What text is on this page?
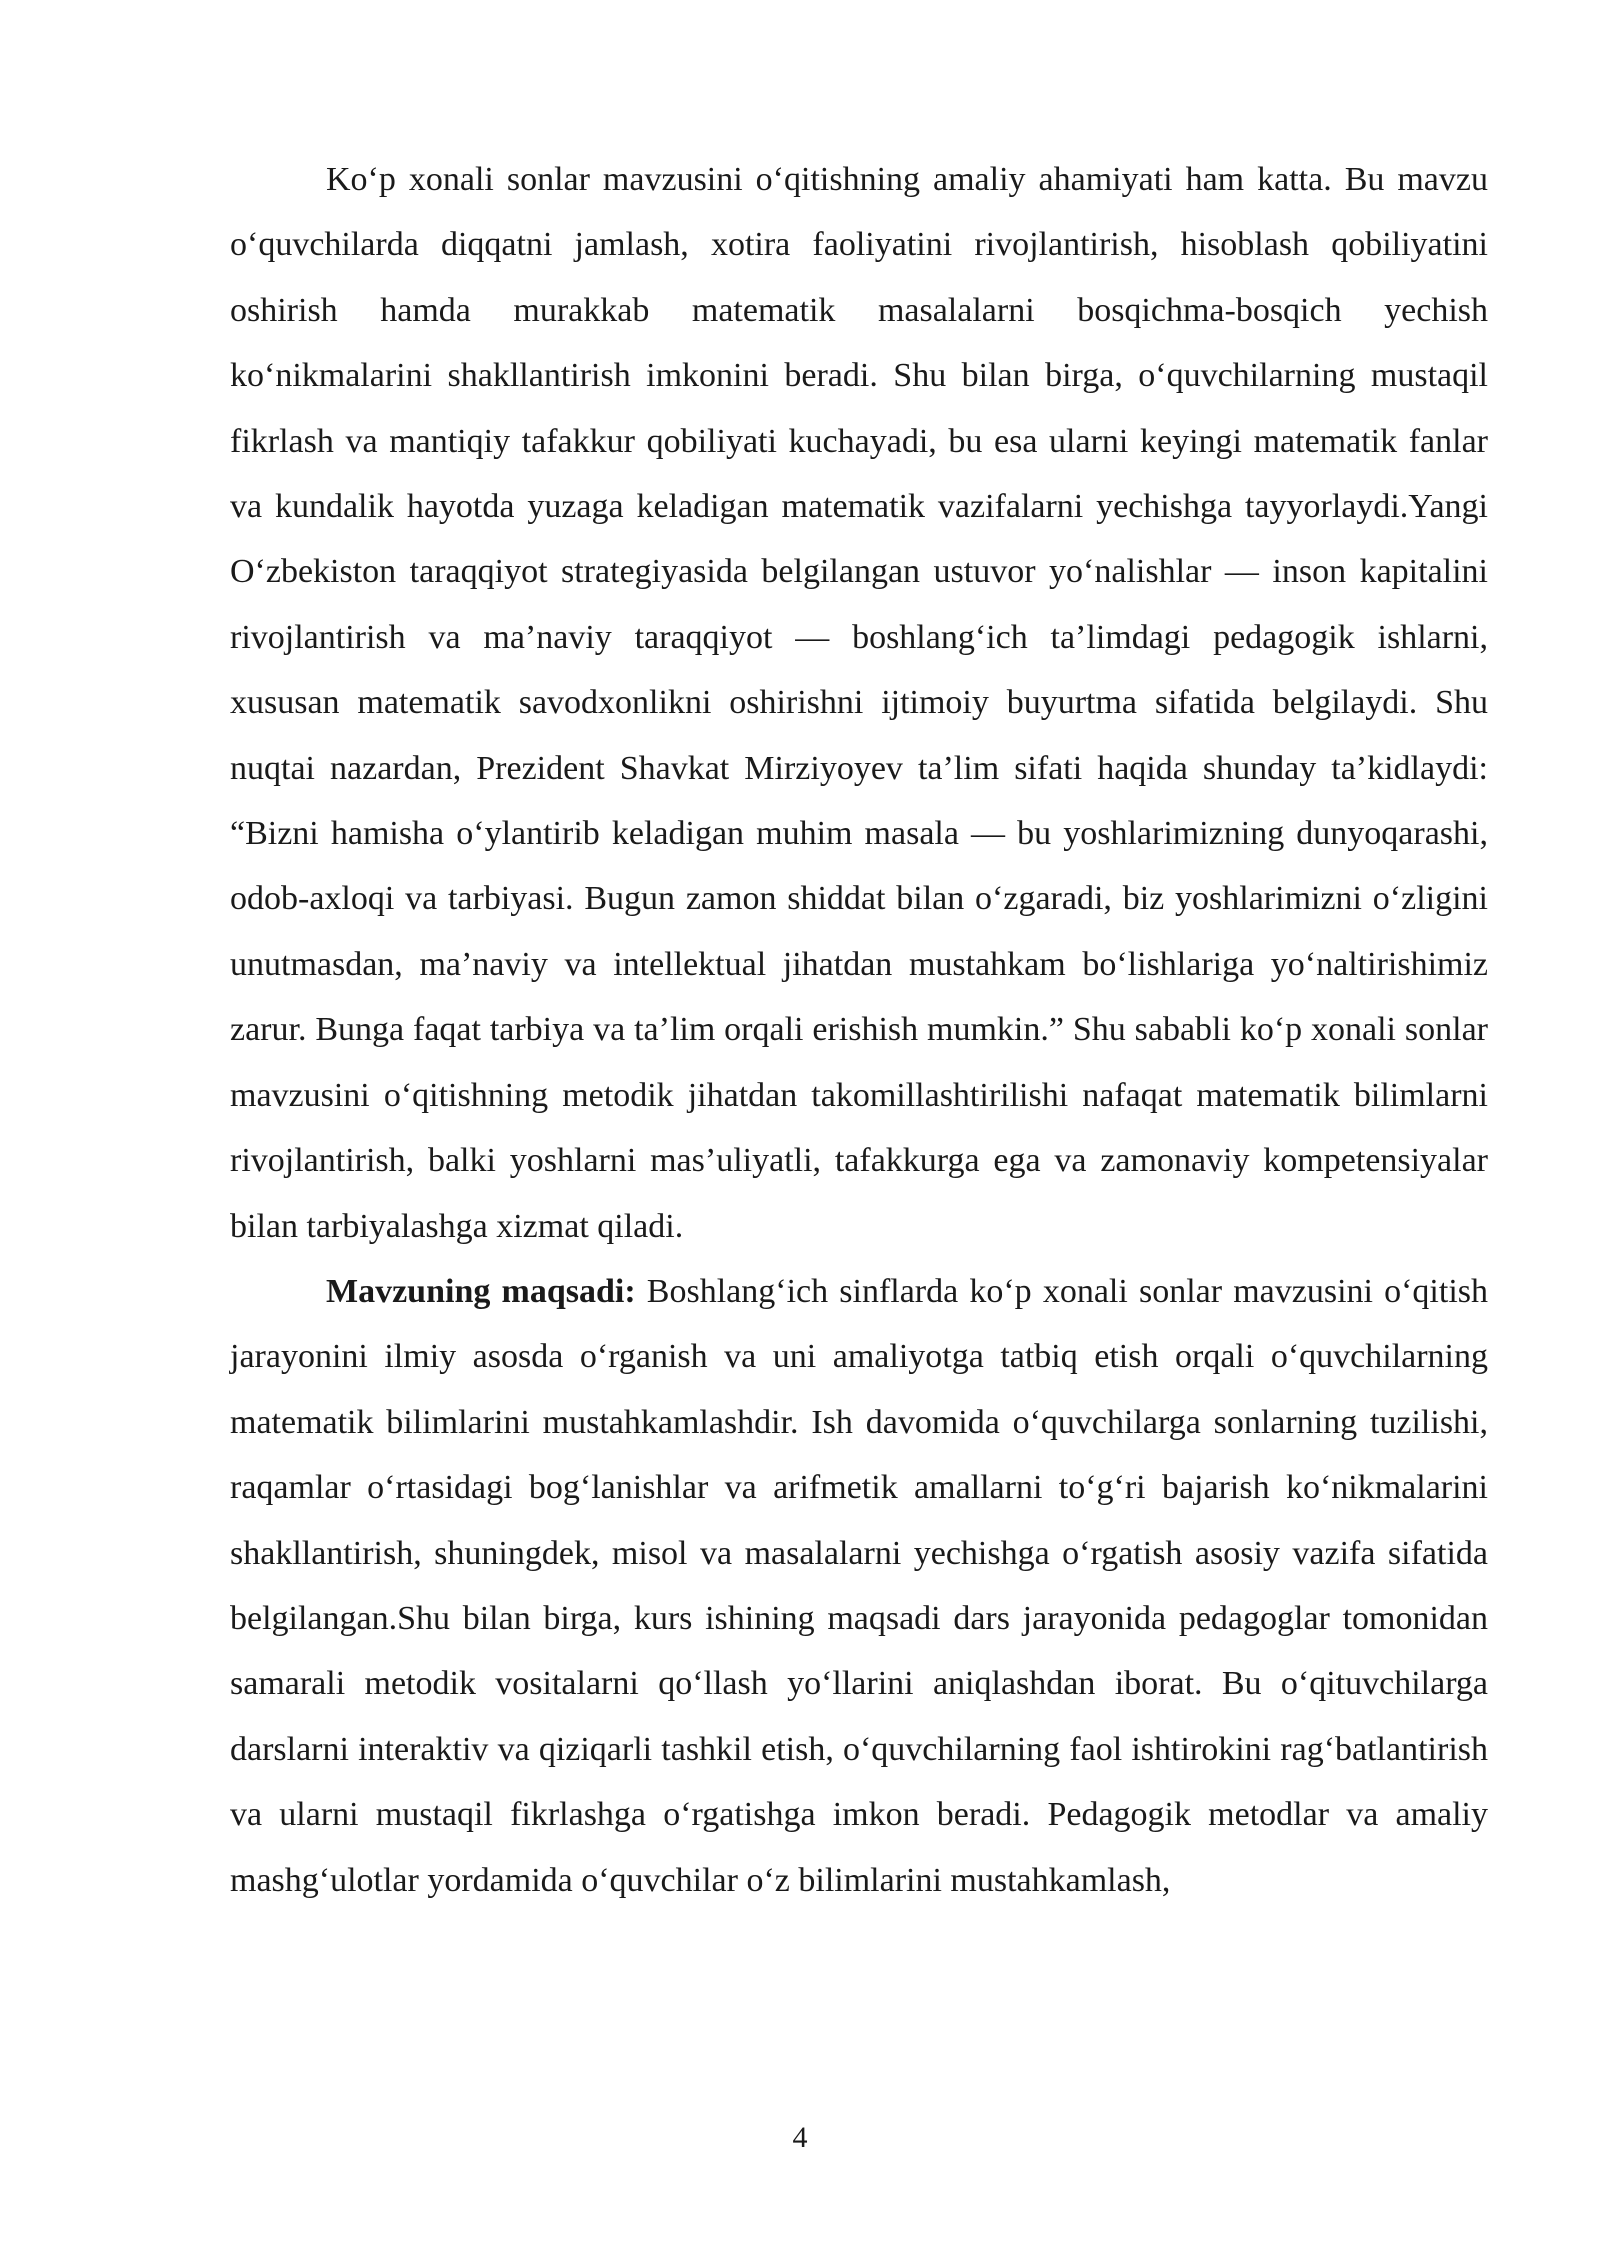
Ko‘p xonali sonlar mavzusini o‘qitishning amaliy ahamiyati ham katta. Bu mavzu o‘quvchilarda diqqatni jamlash, xotira faoliyatini rivojlantirish, hisoblash qobiliyatini oshirish hamda murakkab matematik masalalarni bosqichma-bosqich yechish ko‘nikmalarini shakllantirish imkonini beradi. Shu bilan birga, o‘quvchilarning mustaqil fikrlash va mantiqiy tafakkur qobiliyati kuchayadi, bu esa ularni keyingi matematik fanlar va kundalik hayotda yuzaga keladigan matematik vazifalarni yechishga tayyorlaydi.Yangi O‘zbekiston taraqqiyot strategiyasida belgilangan ustuvor yo‘nalishlar — inson kapitalini rivojlantirish va ma’naviy taraqqiyot — boshlang‘ich ta’limdagi pedagogik ishlarni, xususan matematik savodxonlikni oshirishni ijtimoiy buyurtma sifatida belgilaydi. Shu nuqtai nazardan, Prezident Shavkat Mirziyoyev ta’lim sifati haqida shunday ta’kidlaydi: “Bizni hamisha o‘ylantirib keladigan muhim masala — bu yoshlarimizning dunyoqarashi, odob-axloqi va tarbiyasi. Bugun zamon shiddat bilan o‘zgaradi, biz yoshlarimizni o‘zligini unutmasdan, ma’naviy va intellektual jihatdan mustahkam bo‘lishlariga yo‘naltirishimiz zarur. Bunga faqat tarbiya va ta’lim orqali erishish mumkin.” Shu sababli ko‘p xonali sonlar mavzusini o‘qitishning metodik jihatdan takomillashtirilishi nafaqat matematik bilimlarni rivojlantirish, balki yoshlarni mas’uliyatli, tafakkurga ega va zamonaviy kompetensiyalar bilan tarbiyalashga xizmat qiladi.

Mavzuning maqsadi: Boshlang‘ich sinflarda ko‘p xonali sonlar mavzusini o‘qitish jarayonini ilmiy asosda o‘rganish va uni amaliyotga tatbiq etish orqali o‘quvchilarning matematik bilimlarini mustahkamlashdir. Ish davomida o‘quvchilarga sonlarning tuzilishi, raqamlar o‘rtasidagi bog‘lanishlar va arifmetik amallarni to‘g‘ri bajarish ko‘nikmalarini shakllantirish, shuningdek, misol va masalalarni yechishga o‘rgatish asosiy vazifa sifatida belgilangan.Shu bilan birga, kurs ishining maqsadi dars jarayonida pedagoglar tomonidan samarali metodik vositalarni qo‘llash yo‘llarini aniqlashdan iborat. Bu o‘qituvchilarga darslarni interaktiv va qiziqarli tashkil etish, o‘quvchilarning faol ishtirokini rag‘batlantirish va ularni mustaqil fikrlashga o‘rgatishga imkon beradi. Pedagogik metodlar va amaliy mashg‘ulotlar yordamida o‘quvchilar o‘z bilimlarini mustahkamlash,

4
